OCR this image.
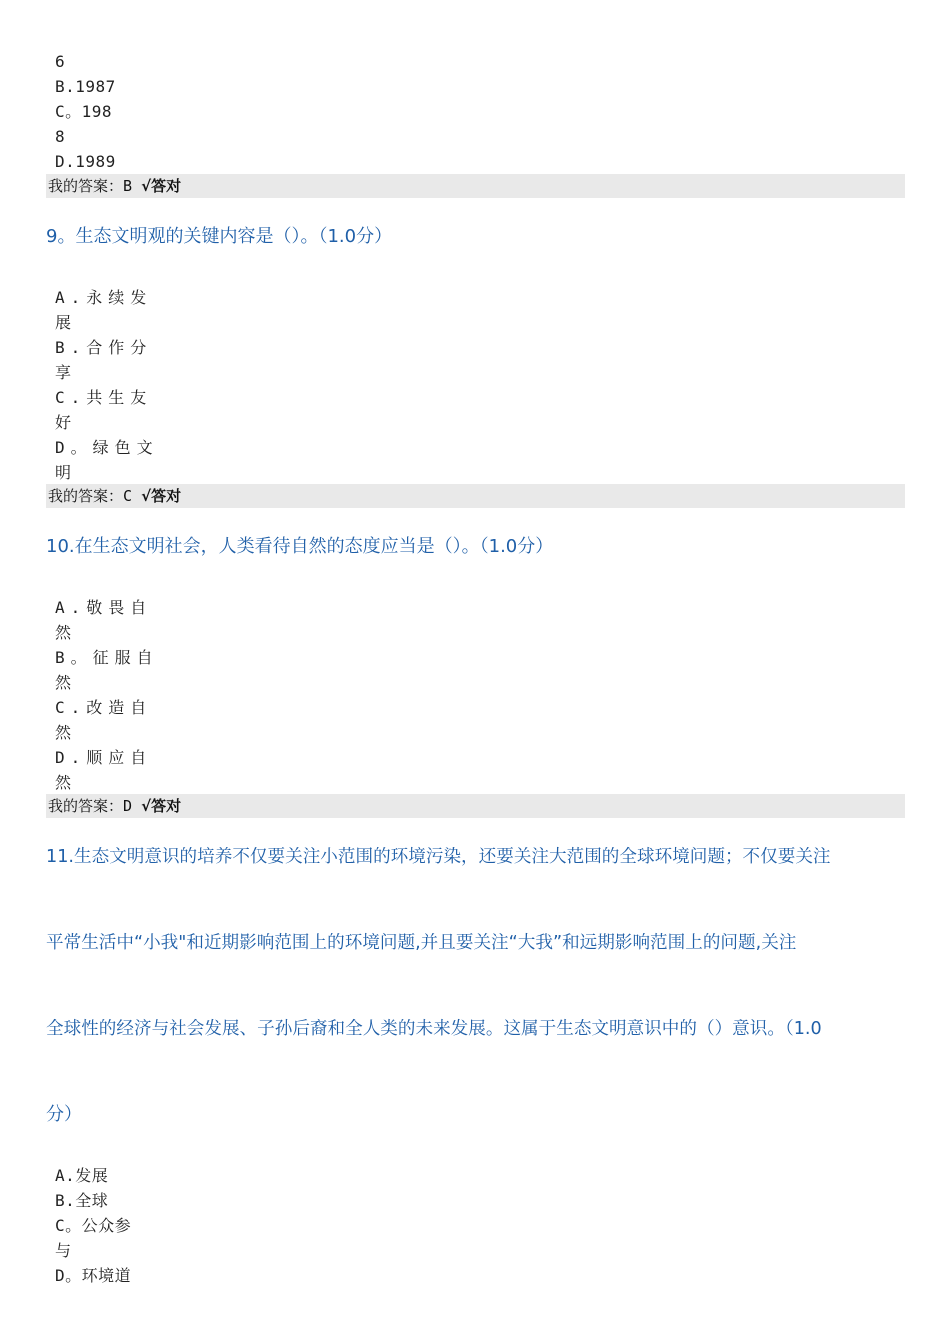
6
B.1987
C。198
8
D.1989
我的答案：B √答对
9。生态文明观的关键内容是（）。（1.0分）
A.永续发
展
B.合作分
享
C.共生友
好
D。绿色文
明
我的答案：C √答对
10.在生态文明社会，人类看待自然的态度应当是（）。（1.0分）
A.敬畏自
然
B。征服自
然
C.改造自
然
D.顺应自
然
我的答案：D √答对
11.生态文明意识的培养不仅要关注小范围的环境污染，还要关注大范围的全球环境问题；不仅要关注
平常生活中“小我"和近期影响范围上的环境问题,并且要关注“大我”和远期影响范围上的问题,关注
全球性的经济与社会发展、子孙后裔和全人类的未来发展。这属于生态文明意识中的（）意识。（1.0
分）
A.发展
B.全球
C。公众参
与
D。环境道
